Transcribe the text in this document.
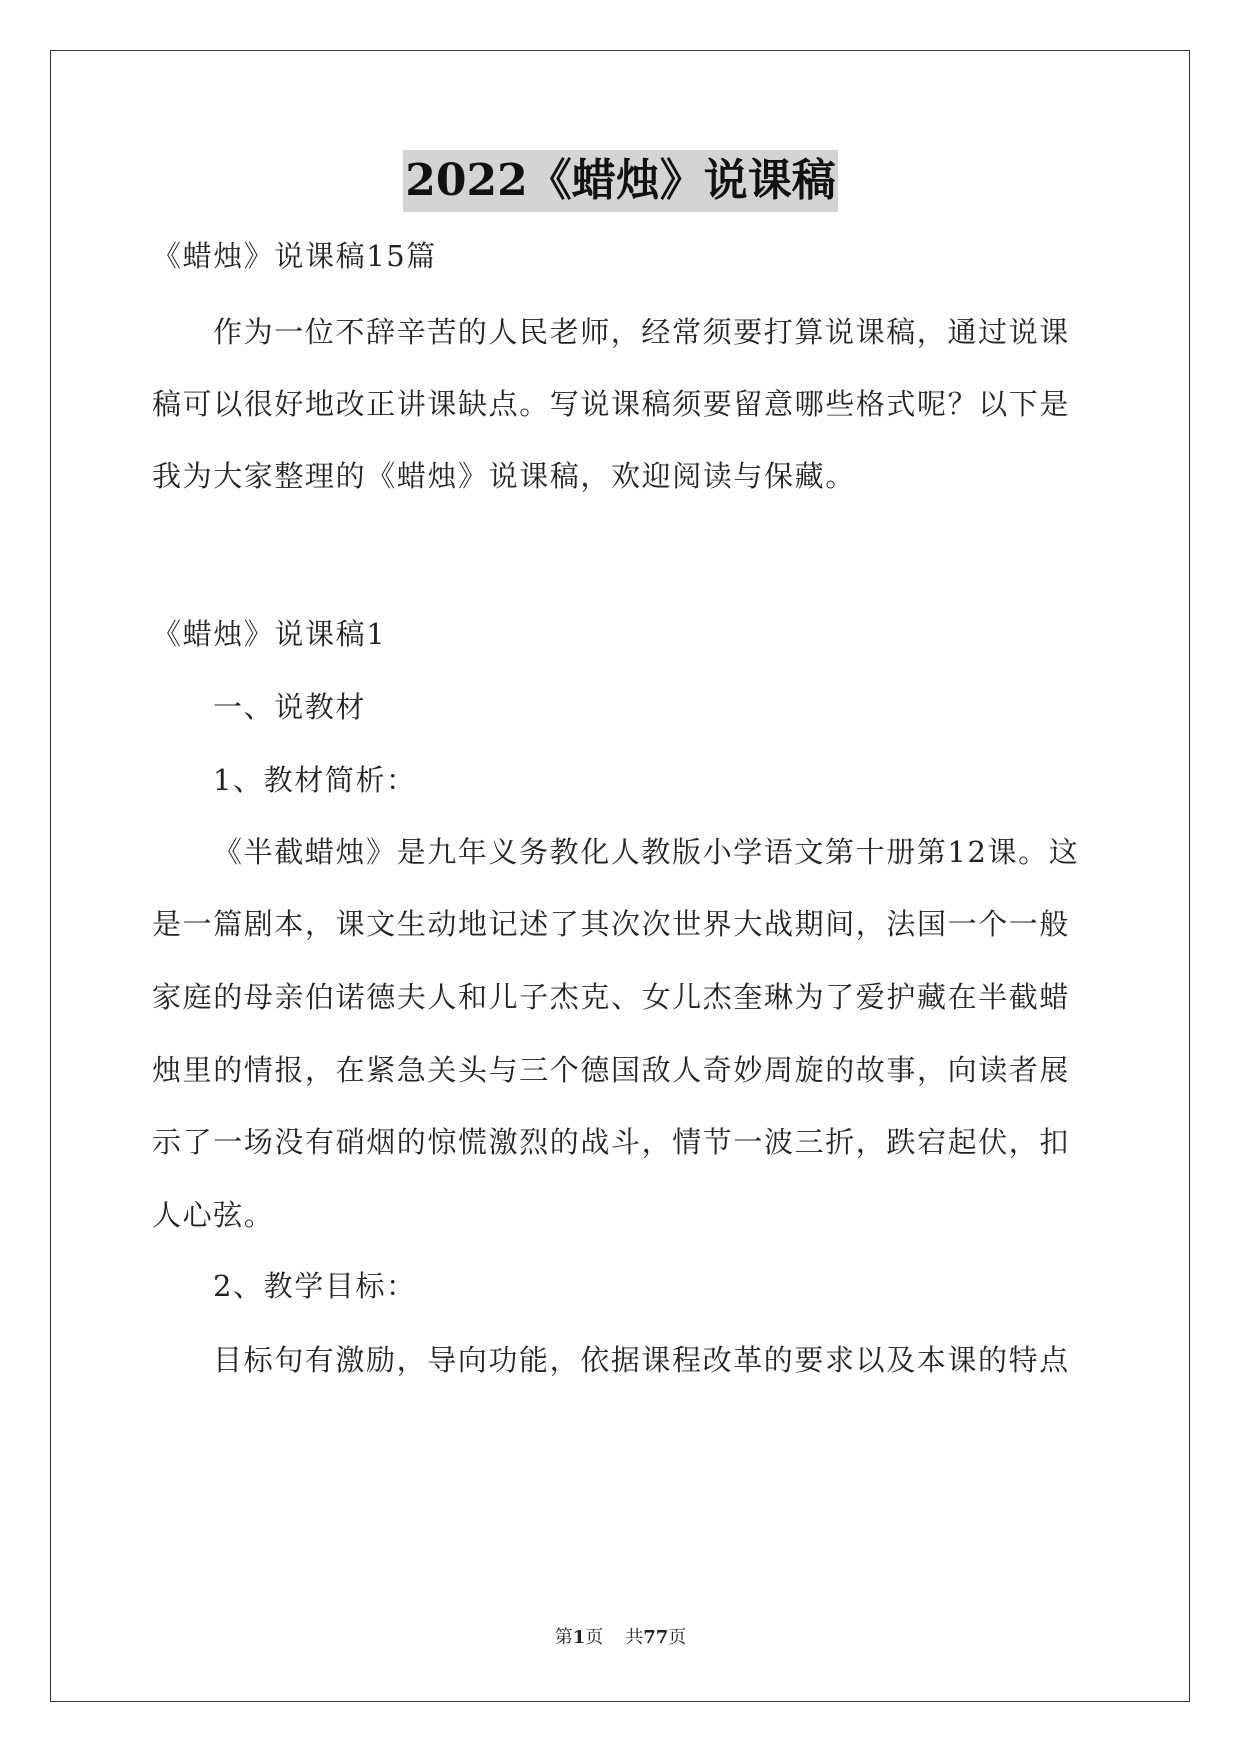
2022《蜡烛》说课稿
《蜡烛》说课稿15篇
作为一位不辞辛苦的人民老师，经常须要打算说课稿，通过说课
稿可以很好地改正讲课缺点。写说课稿须要留意哪些格式呢？以下是
我为大家整理的《蜡烛》说课稿，欢迎阅读与保藏。
《蜡烛》说课稿1
一、说教材
1、教材简析：
《半截蜡烛》是九年义务教化人教版小学语文第十册第12课。这
是一篇剧本，课文生动地记述了其次次世界大战期间，法国一个一般
家庭的母亲伯诺德夫人和儿子杰克、女儿杰奎琳为了爱护藏在半截蜡
烛里的情报，在紧急关头与三个德国敌人奇妙周旋的故事，向读者展
示了一场没有硝烟的惊慌激烈的战斗，情节一波三折，跌宕起伏，扣
人心弦。
2、教学目标：
目标句有激励，导向功能，依据课程改革的要求以及本课的特点
第1页 共77页
